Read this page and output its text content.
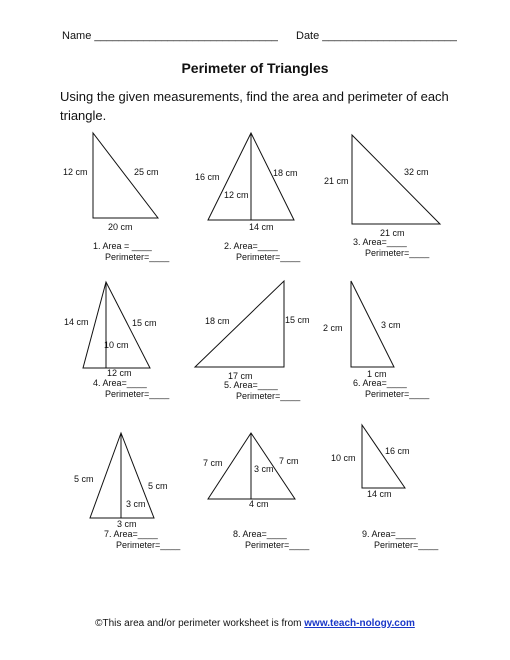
Name ______________________________ Date ______________________
Perimeter of Triangles
Using the given measurements, find the area and perimeter of each triangle.
12 cm	25 cm
20 cm
16 cm	18 cm
12 cm
14 cm
21 cm
32 cm
21 cm
14 cm	15 cm
10 cm
12 cm
18 cm	15 cm
17 cm
2 cm	3 cm
1 cm
5 cm
5 cm
3 cm
3 cm
7 cm	7 cm
3 cm
4 cm
10 cm
16 cm
14 cm
1. Area = ____
Perimeter=____
2. Area=____
Perimeter=____
3. Area=____
Perimeter=____
4. Area=____
Perimeter=____
5. Area=____
Perimeter=____
6. Area=____
Perimeter=____
7. Area=____
Perimeter=____
8. Area=____
Perimeter=____
9. Area=____
Perimeter=____
©This area and/or perimeter worksheet is from www.teach-nology.com
